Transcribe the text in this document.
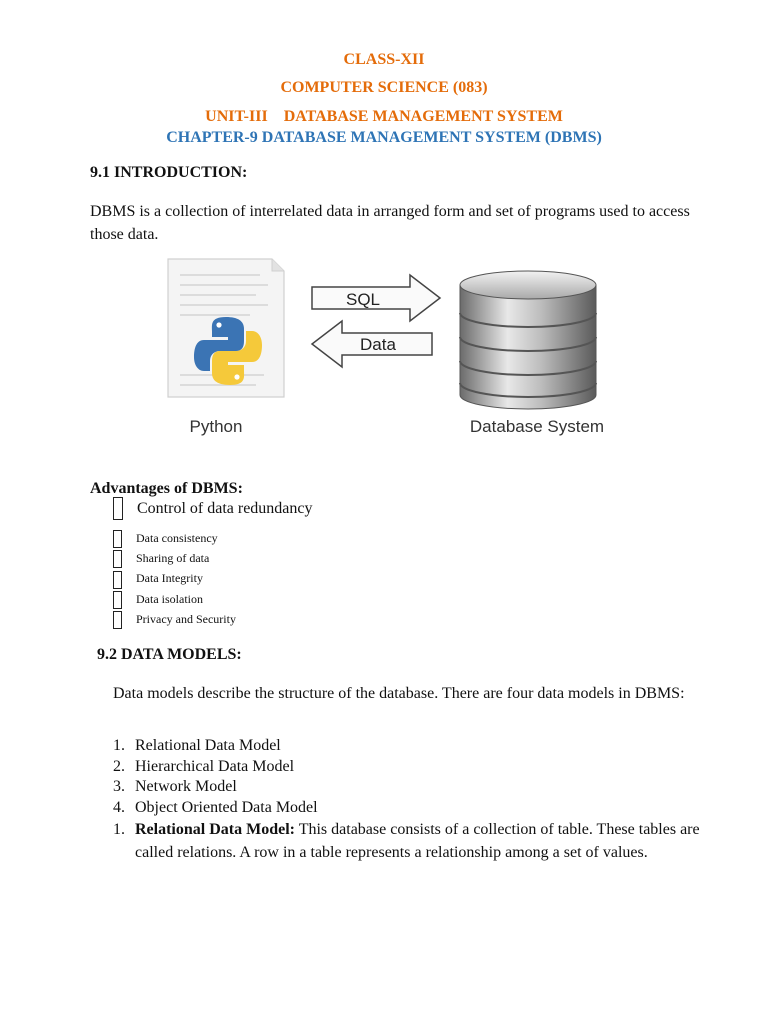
CLASS-XII
COMPUTER SCIENCE (083)
UNIT-III DATABASE MANAGEMENT SYSTEM
CHAPTER-9 DATABASE MANAGEMENT SYSTEM (DBMS)
9.1 INTRODUCTION:
DBMS is a collection of interrelated data in arranged form and set of programs used to access those data.
Python
SQL
Data
Database System
Advantages of DBMS:
Control of data redundancy
Data consistency
Sharing of data
Data Integrity
Data isolation
Privacy and Security
9.2 DATA MODELS:
Data models describe the structure of the database. There are four data models in DBMS:
1. Relational Data Model
2. Hierarchical Data Model
3. Network Model
4. Object Oriented Data Model
1. Relational Data Model: This database consists of a collection of table. These tables are called relations. A row in a table represents a relationship among a set of values.
